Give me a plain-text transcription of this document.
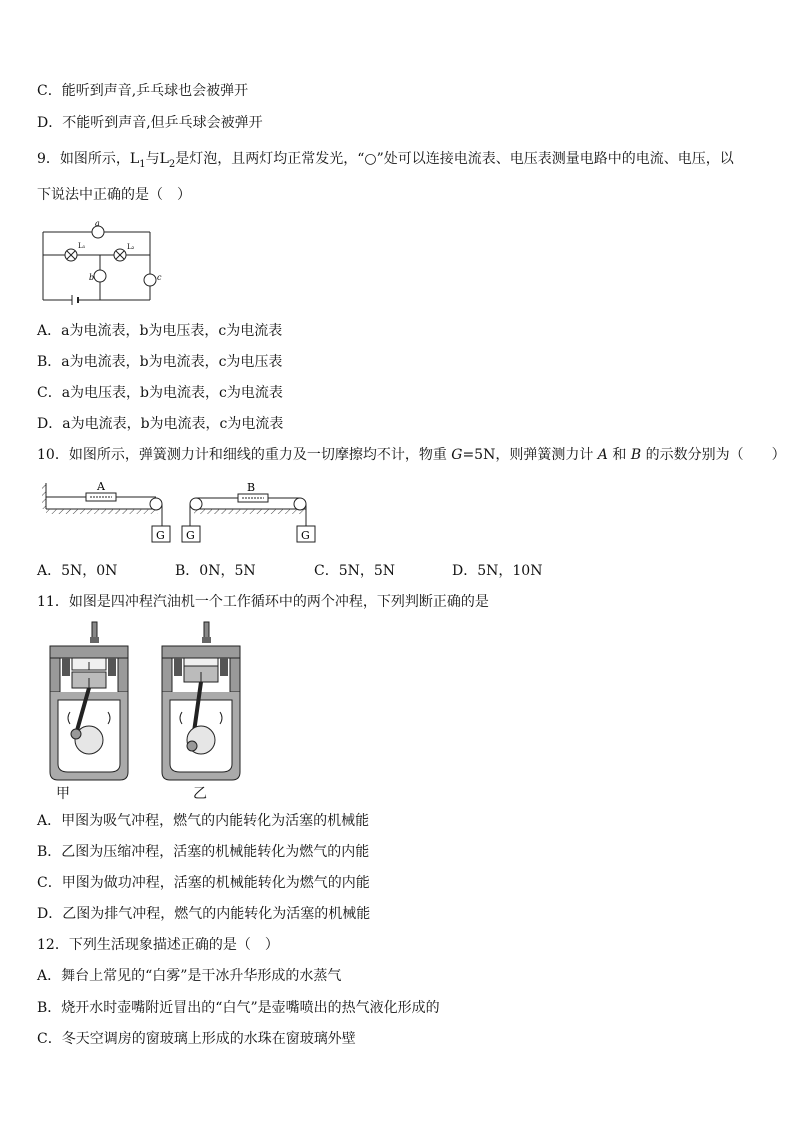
C．能听到声音,乒乓球也会被弹开
D．不能听到声音,但乒乓球会被弹开
9．如图所示，$L_1$与$L_2$是灯泡，且两灯均正常发光，“○”处可以连接电流表、电压表测量电路中的电流、电压，以
下说法中正确的是（　）
a
L₁	L₂
b	c
A．a为电流表，b为电压表，c为电流表
B．a为电流表，b为电流表，c为电压表
C．a为电压表，b为电流表，c为电流表
D．a为电流表，b为电流表，c为电流表
10．如图所示，弹簧测力计和细线的重力及一切摩擦均不计，物重 G=5N，则弹簧测力计 A 和 B 的示数分别为（　　）
A	B
G G	G
A．5N，0N	B．0N，5N	C．5N，5N	D．5N，10N
11．如图是四冲程汽油机一个工作循环中的两个冲程，下列判断正确的是
甲	乙
A．甲图为吸气冲程，燃气的内能转化为活塞的机械能
B．乙图为压缩冲程，活塞的机械能转化为燃气的内能
C．甲图为做功冲程，活塞的机械能转化为燃气的内能
D．乙图为排气冲程，燃气的内能转化为活塞的机械能
12．下列生活现象描述正确的是（　）
A．舞台上常见的“白雾”是干冰升华形成的水蒸气
B．烧开水时壶嘴附近冒出的“白气”是壶嘴喷出的热气液化形成的
C．冬天空调房的窗玻璃上形成的水珠在窗玻璃外壁
